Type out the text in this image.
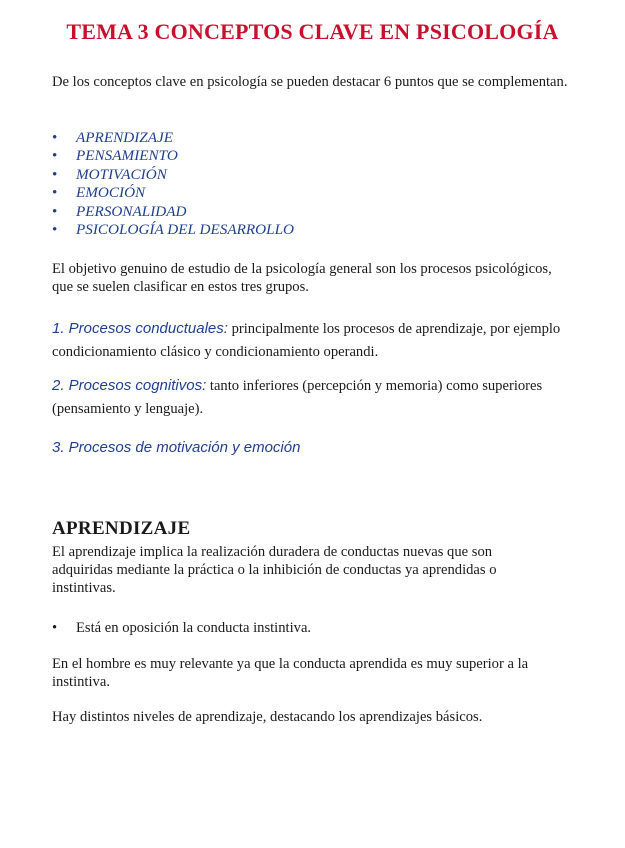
TEMA 3 CONCEPTOS CLAVE EN PSICOLOGÍA

De los conceptos clave en psicología se pueden destacar 6 puntos que se complementan.

• APRENDIZAJE
• PENSAMIENTO
• MOTIVACIÓN
• EMOCIÓN
• PERSONALIDAD
• PSICOLOGÍA DEL DESARROLLO

El objetivo genuino de estudio de la psicología general son los procesos psicológicos, que se suelen clasificar en estos tres grupos.

1. Procesos conductuales: principalmente los procesos de aprendizaje, por ejemplo condicionamiento clásico y condicionamiento operandi.

2. Procesos cognitivos: tanto inferiores (percepción y memoria) como superiores (pensamiento y lenguaje).

3. Procesos de motivación y emoción

APRENDIZAJE

El aprendizaje implica la realización duradera de conductas nuevas que son adquiridas mediante la práctica o la inhibición de conductas ya aprendidas o instintivas.

• Está en oposición la conducta instintiva.

En el hombre es muy relevante ya que la conducta aprendida es muy superior a la instintiva.

Hay distintos niveles de aprendizaje, destacando los aprendizajes básicos.
